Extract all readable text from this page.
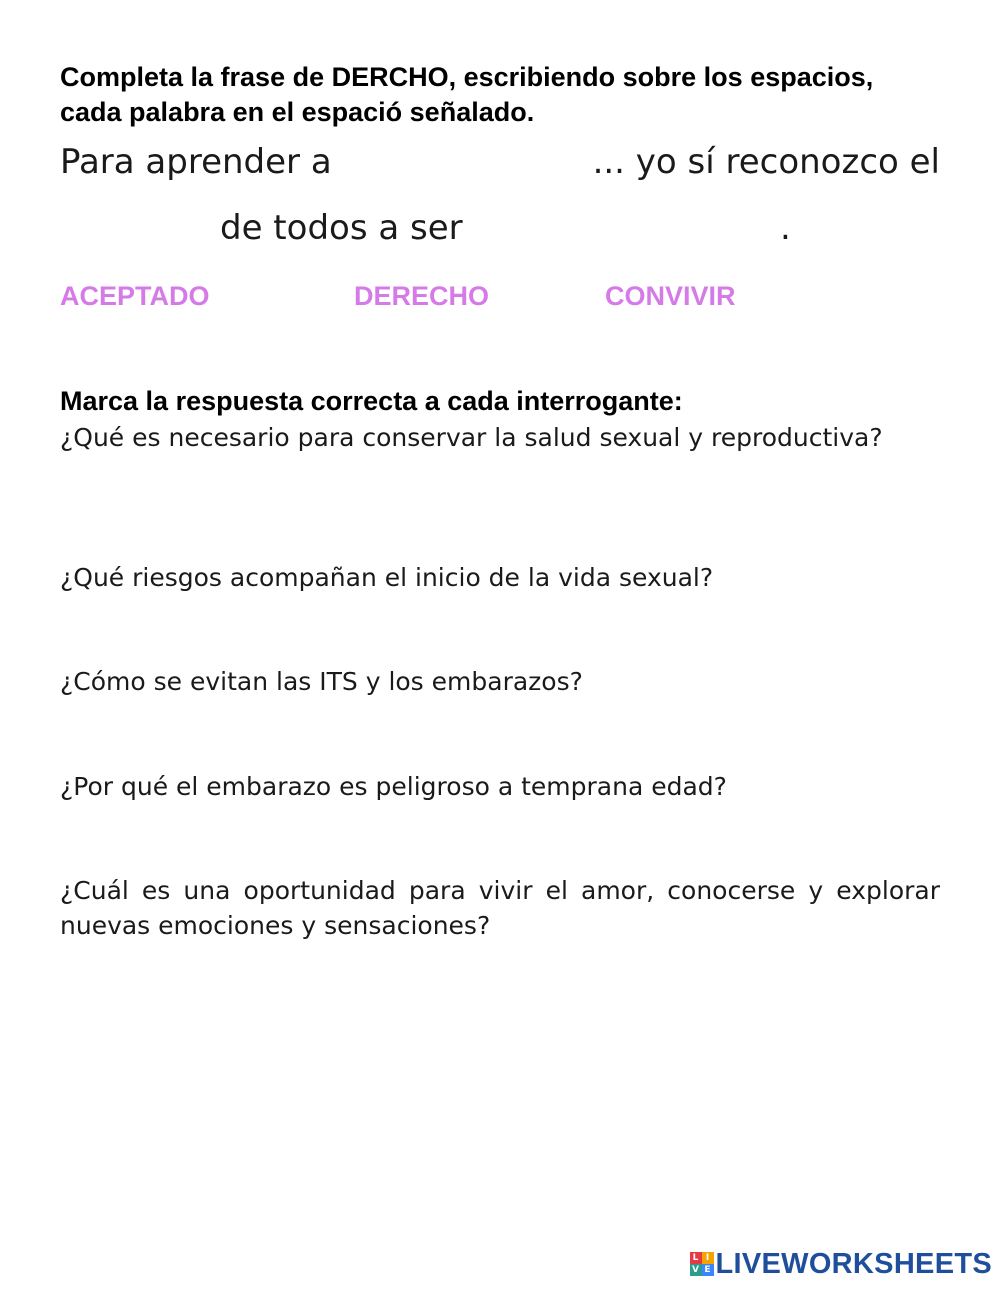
Completa la frase de DERCHO, escribiendo sobre los espacios, cada palabra en el espació señalado.

Para aprender a	... yo sí reconozco el
de todos a ser	.
ACEPTADO	DERECHO	CONVIVIR

Marca la respuesta correcta a cada interrogante:

¿Qué es necesario para conservar la salud sexual y reproductiva?

¿Qué riesgos acompañan el inicio de la vida sexual?

¿Cómo se evitan las ITS y los embarazos?

¿Por qué el embarazo es peligroso a temprana edad?

¿Cuál es una oportunidad para vivir el amor, conocerse y explorar nuevas emociones y sensaciones?

L I
V E LIVEWORKSHEETS
